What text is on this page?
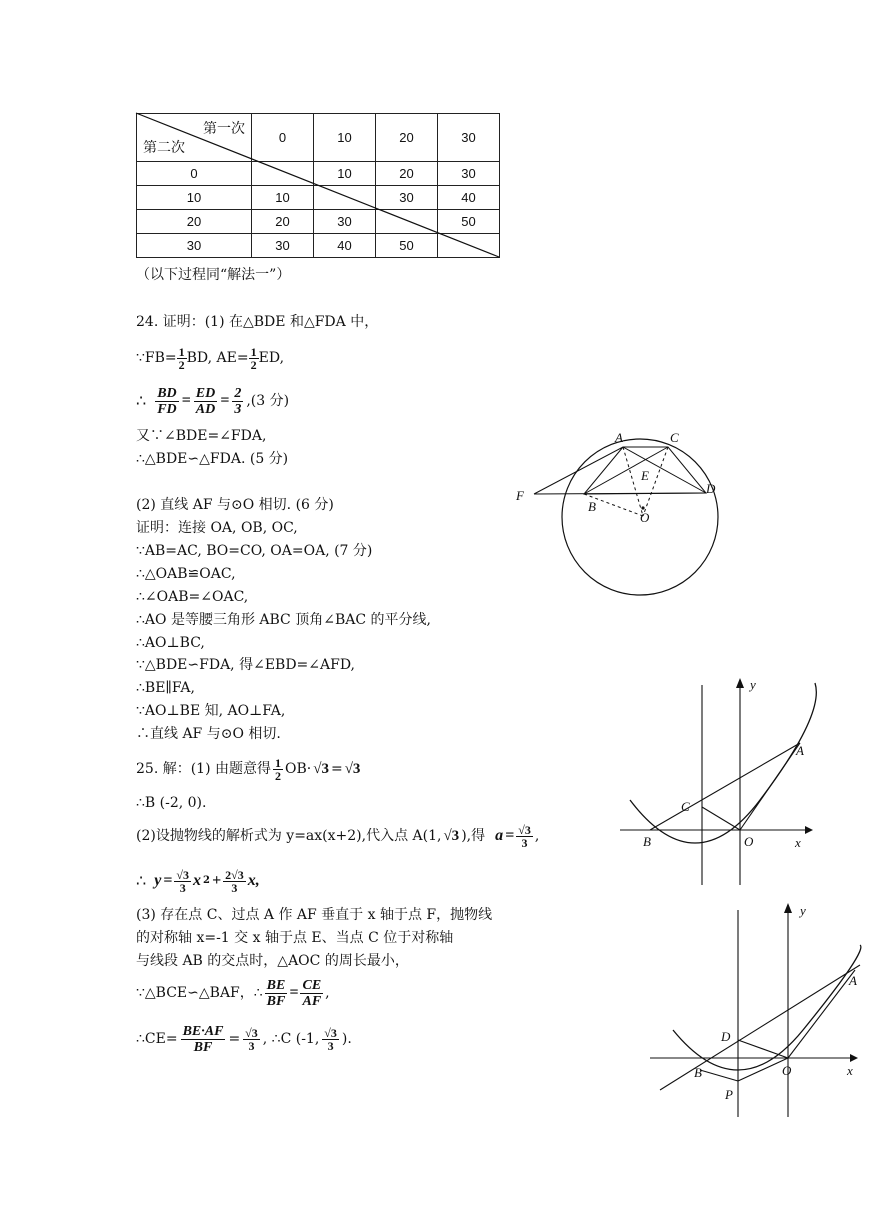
第一次
第二次	0	10	20	30
0		10	20	30
10	10		30	40
20	20	30		50
30	30	40	50	
（以下过程同“解法一”）
24. 证明：(1) 在△BDE 和△FDA 中，
∵FB= $\frac{1}{2}$ BD, $AE= \frac{1}{2}$ ED,
∴ $\frac{BD}{FD} = \frac{ED}{AD} = \frac{2}{3} ,(3$ 分)
又∵∠BDE=∠FDA,
∴△BDE∽△FDA. (5 分)
(2) 直线 AF 与⊙O 相切. (6 分)
证明：连接 OA, OB, OC,
∵AB=AC, BO=CO, OA=OA, (7 分)
∴△OAB≌OAC,
∴∠OAB=∠OAC,
∴AO 是等腰三角形 ABC 顶角∠BAC 的平分线,
∴AO⊥BC,
∵△BDE∽FDA, 得∠EBD=∠AFD,
∴BE∥FA,
∵AO⊥BE 知, AO⊥FA,
∴直线 AF 与⊙O 相切.
A	C
E
F	D
B
O
25. 解：(1) 由题意得 $\frac{1}{2} OB\cdot √3 = √3$
∴B (-2, 0).
(2)设抛物线的解析式为 y=ax(x+2),代入点 A(1, √3 ),得 $a = \frac{√3}{3}$ ,
∴ $y = \frac{√3}{3}$ x $2 + \frac{2√3}{3} x$,
(3) 存在点 C、过点 A 作 AF 垂直于 x 轴于点 F，抛物线
的对称轴 x=-1 交 x 轴于点 E、当点 C 位于对称轴
与线段 AB 的交点时，△AOC 的周长最小，
∵△BCE∽△BAF，∴ $\frac{BE}{BF} = \frac{CE}{AF}$ ,
∴CE= $\frac{BE\cdot AF}{BF} = \frac{√3}{3}$ , ∴C (-1, $\frac{√3}{3}$ ).
y
x
A
C
B	O
y
x
A
D
B	O
P
